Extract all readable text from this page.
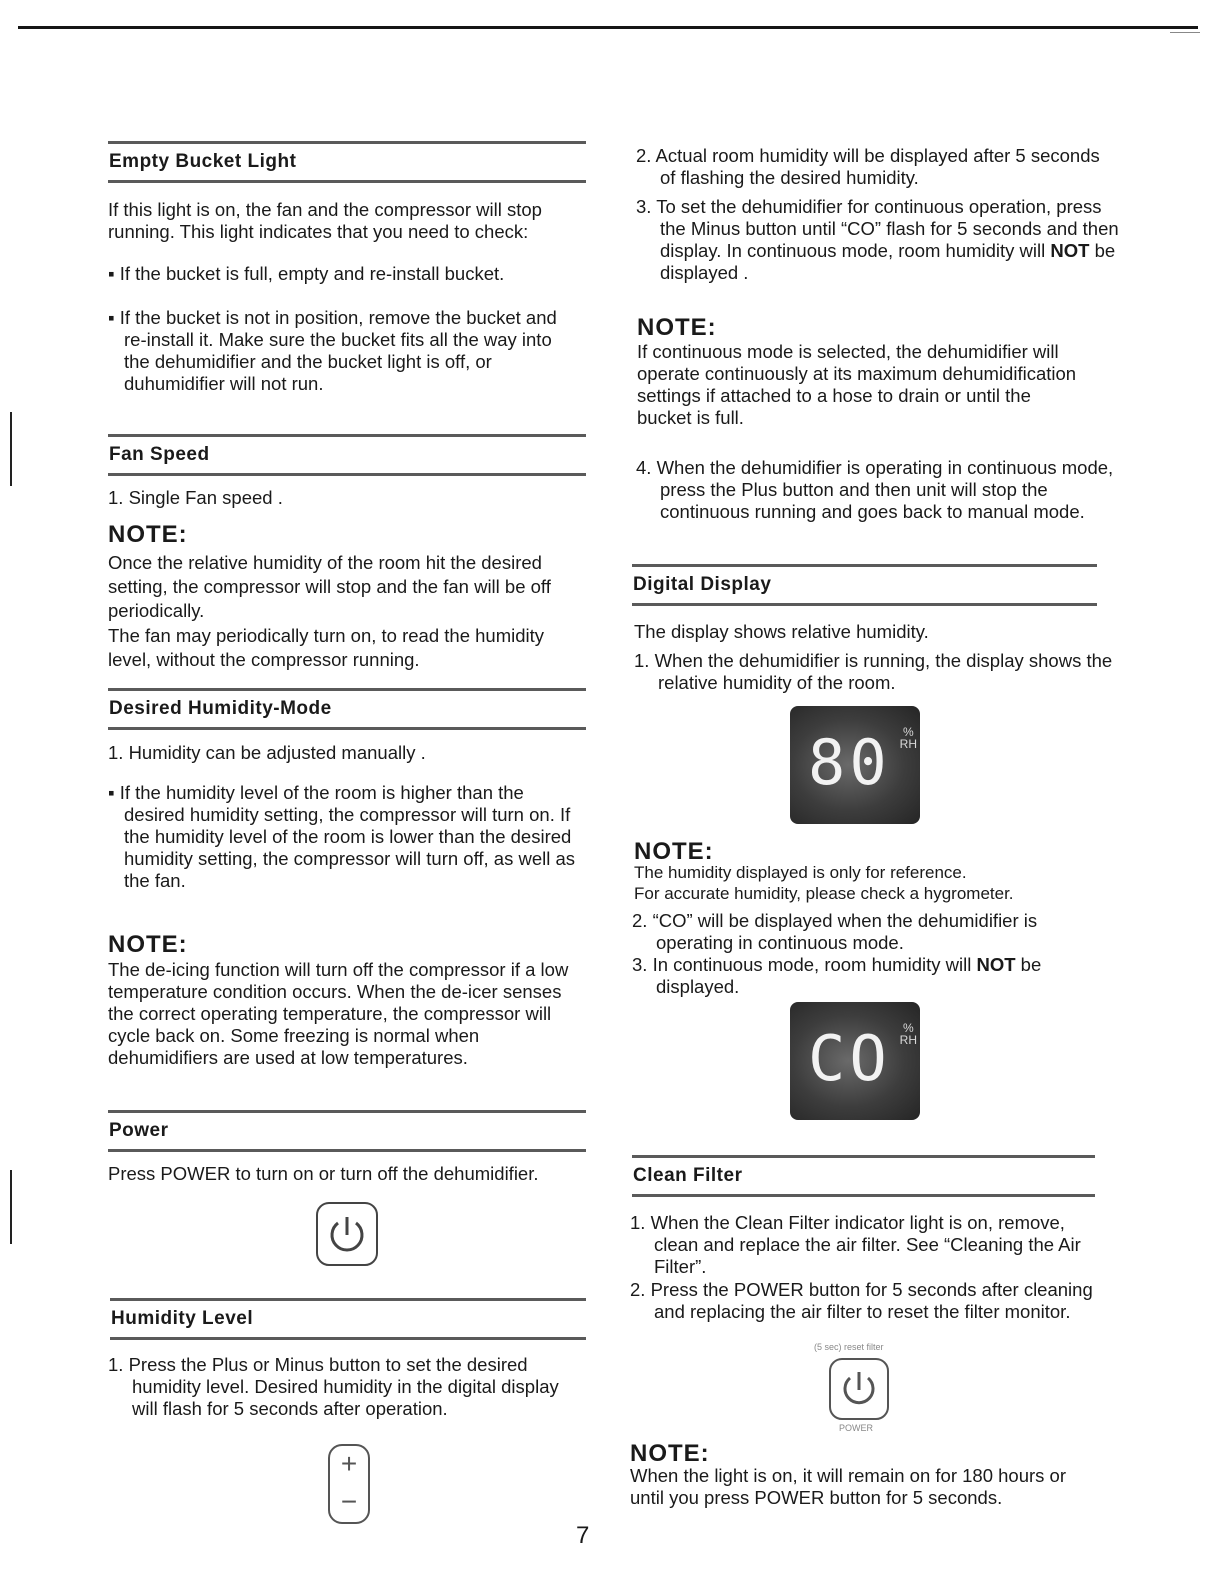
Empty Bucket Light
If this light is on, the fan and the compressor will stop running. This light indicates that you need to check:
▪ If the bucket is full, empty and re-install bucket.
▪ If the bucket is not in position, remove the bucket and re-install it. Make sure the bucket fits all the way into the dehumidifier and the bucket light is off, or duhumidifier will not run.
Fan Speed
1. Single Fan speed .
NOTE:
Once the relative humidity of the room hit the desired setting, the compressor will stop and the fan will be off periodically.
The fan may periodically turn on, to read the humidity level, without the compressor running.
Desired Humidity-Mode
1. Humidity can be adjusted manually .
▪ If the humidity level of the room is higher than the desired humidity setting, the compressor will turn on. If the humidity level of the room is lower than the desired humidity setting, the compressor will turn off, as well as the fan.
NOTE:
The de-icing function will turn off the compressor if a low temperature condition occurs. When the de-icer senses the correct operating temperature, the compressor will cycle back on. Some freezing is normal when dehumidifiers are used at low temperatures.
Power
Press POWER to turn on or turn off the dehumidifier.
Humidity Level
1. Press the Plus or Minus button to set the desired humidity level. Desired humidity in the digital display will flash for 5 seconds after operation.
+
−
2. Actual room humidity will be displayed after 5 seconds of flashing the desired humidity.
3. To set the dehumidifier for continuous operation, press the Minus button until “CO” flash for 5 seconds and then display. In continuous mode, room humidity will NOT be displayed .
NOTE:
If continuous mode is selected, the dehumidifier will operate continuously at its maximum dehumidification settings if attached to a hose to drain or until the bucket is full.
4. When the dehumidifier is operating in continuous mode, press the Plus button and then unit will stop the continuous running and goes back to manual mode.
Digital Display
The display shows relative humidity.
1. When the dehumidifier is running, the display shows the relative humidity of the room.
80 %
RH
NOTE:
The humidity displayed is only for reference.
For accurate humidity, please check a hygrometer.
2. “CO” will be displayed when the dehumidifier is operating in continuous mode.
3. In continuous mode, room humidity will NOT be displayed.
CO %
RH
Clean Filter
1. When the Clean Filter indicator light is on, remove, clean and replace the air filter. See “Cleaning the Air Filter”.
2. Press the POWER button for 5 seconds after cleaning and replacing the air filter to reset the filter monitor.
(5 sec) reset filter
POWER
NOTE:
When the light is on, it will remain on for 180 hours or until you press POWER button for 5 seconds.
7
